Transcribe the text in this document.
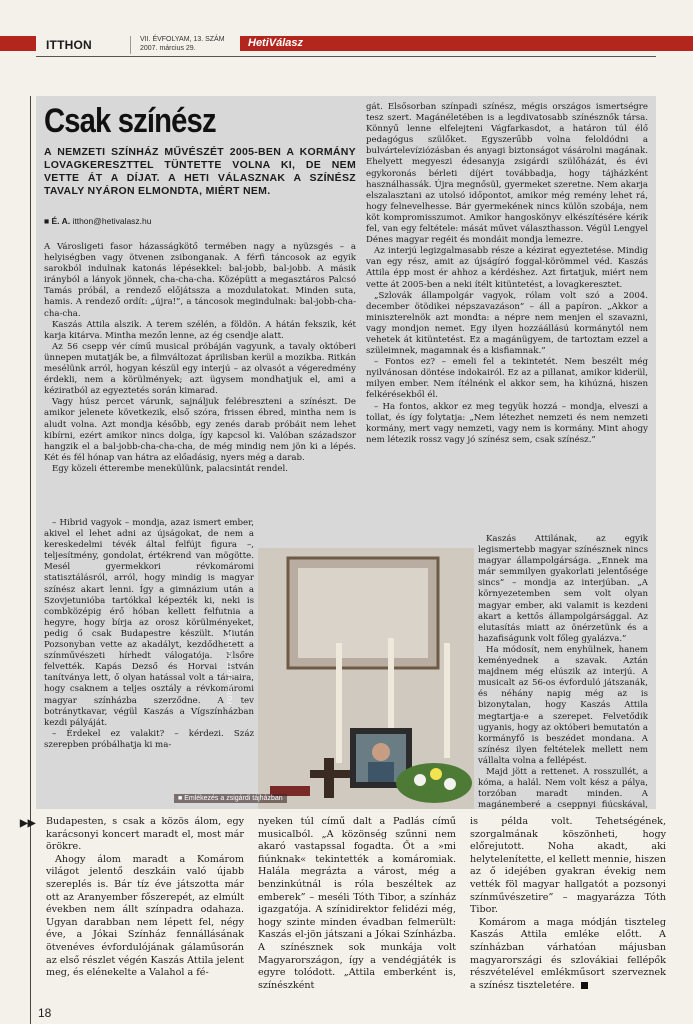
ITTHON	VII. ÉVFOLYAM, 13. SZÁM
2007. március 29.	HetiVálasz
Csak színész
A NEMZETI SZÍNHÁZ MŰVÉSZÉT 2005-BEN A KORMÁNY LOVAGKERESZTTEL TÜNTETTE VOLNA KI, DE NEM VETTE ÁT A DÍJAT. A HETI VÁLASZNAK A SZÍNÉSZ TAVALY NYÁRON ELMONDTA, MIÉRT NEM.
■ É. A. itthon@hetivalasz.hu

A Városligeti fasor házasságkötő termében nagy a nyüzsgés – a helyiségben vagy ötvenen zsibonganak. A férfi táncosok az egyik sarokból indulnak katonás lépésekkel: bal-jobb, bal-jobb. A másik irányból a lányok jönnek, cha-cha-cha. Középütt a megasztáros Palcsó Tamás próbál, a rendező előjátssza a mozdulatokat. Minden suta, hamis. A rendező ordít: „újra!”, a táncosok megindulnak: bal-jobb-cha-cha-cha.

Kaszás Attila alszik. A terem szélén, a földön. A hátán fekszik, két karja kitárva. Mintha mezőn lenne, az ég csendje alatt.

Az 56 csepp vér című musical próbáján vagyunk, a tavaly októberi ünnepen mutatják be, a filmváltozat áprilisban kerül a mozikba. Ritkán mesélünk arról, hogyan készül egy interjú – az olvasót a végeredmény érdekli, nem a körülmények; azt ügysem mondhatjuk el, ami a kéziratból az egyeztetés során kimarad.

Vagy húsz percet várunk, sajnáljuk felébreszteni a színészt. De amikor jelenete következik, első szóra, frissen ébred, mintha nem is aludt volna. Azt mondja később, egy zenés darab próbáit nem lehet kibírni, ezért amikor nincs dolga, így kapcsol ki. Valóban századszor hangzik el a bal-jobb-cha-cha-cha, de még mindig nem jön ki a lépés. Két és fél hónap van hátra az előadásig, nyers még a darab.

Egy közeli étterembe menekülünk, palacsintát rendel.

– Hibrid vagyok – mondja, azaz ismert ember, akivel el lehet adni az újságokat, de nem a kereskedelmi tévék által felfújt figura –, teljesítmény, gondolat, értékrend van mögötte. Mesél gyermekkori révkomáromi statisztálásról, arról, hogy mindig is magyar színész akart lenni. Így a gimnázium után a Szovjetunióba tartókkal képezték ki, neki is combközépig érő hóban kellett felfutnia a hegyre, hogy bírja az orosz körülményeket, pedig ő csak Budapestre készült. Miután Pozsonyban vette az akadályt, kezdődhetett a színművészeti hírhedt válogatója. Elsőre felvették. Kapás Dezső és Horvai István tanítványa lett, ő olyan hatással volt a társaira, hogy csaknem a teljes osztály a révkomáromi magyar színházba szerződne. A tev botránytkavar, végül Kaszás a Vígszínházban kezdi pályáját.

– Érdekel ez valakit? – kérdezi. Száz szerepben próbálhatja ki ma-

gát. Elsősorban színpadi színész, mégis országos ismertségre tesz szert. Magánéletében is a legdivatosabb színésznők társa. Könnyű lenne elfelejteni Vágfarkasdot, a határon túl élő pedagógus szülőket. Egyszerűbb volna feloldódni a bulvártelevíziózásban és anyagi biztonságot vásárolni magának. Ehelyett megyeszi édesanyja zsigárdi szülőházát, és évi egykoronás bérleti díjért továbbadja, hogy tájházként használhassák. Újra megnősül, gyermeket szeretne. Nem akarja elszalasztani az utolsó időpontot, amikor még remény lehet rá, hogy felnevelhesse. Bár gyermekének nincs külön szobája, nem köt kompromisszumot. Amikor hangoskönyv elkészítésére kérik fel, van egy feltétele: mását művet választhasson. Végül Lengyel Dénes magyar regéit és mondáit mondja lemezre.

Az interjú legizgalmasabb része a kézirat egyeztetése. Mindig van egy rész, amit az újságíró foggal-körömmel véd. Kaszás Attila épp most ér ahhoz a kérdéshez. Azt firtatjuk, miért nem vette át 2005-ben a neki ítélt kitüntetést, a lovagkeresztet.

„Szlovák állampolgár vagyok, rólam volt szó a 2004. december ötödikei népszavazáson” – áll a papíron. „Akkor a miniszterelnök azt mondta: a népre nem menjen el szavazni, vagy mondjon nemet. Egy ilyen hozzáállású kormánytól nem vehetek át kitüntetést. Ez a magánügyem, de tartoztam ezzel a szüleimnek, magamnak és a kisfiamnak.”

– Fontos ez? – emeli fel a tekintetét. Nem beszélt még nyilvánosan döntése indokairól. Ez az a pillanat, amikor kiderül, milyen ember. Nem ítélnénk el akkor sem, ha kihúzná, hiszen felkérésekből él.

– Ha fontos, akkor ez meg tegyük hozzá – mondja, elveszi a tollat, és így folytatja: „Nem létezhet nemzeti és nem nemzeti kormány, mert vagy nemzeti, vagy nem is kormány. Mint ahogy nem létezik rossz vagy jó színész sem, csak színész.”

Kaszás Attilának, az egyik legismertebb magyar színésznek nincs magyar állampolgársága. „Ennek ma már semmilyen gyakorlati jelentősége sincs” – mondja az interjúban. „A környezetemben sem volt olyan magyar ember, aki valamit is kezdeni akart a kettős állampolgársággal. Az elutasítás miatt az önérzetünk és a hazafiságunk volt főleg gyalázva.”

Ha módosít, nem enyhülnek, hanem keményednek a szavak. Aztán majdnem még elúszik az interjú. A musicalt az 56-os évforduló játszanák, és néhány napig még az is bizonytalan, hogy Kaszás Attila megtartja-e a szerepet. Felvetődik ugyanis, hogy az októberi bemutatón a kormányfő is beszédet mondana. A színész ilyen feltételek mellett nem vállalta volna a fellépést.

Majd jött a rettenet. A rosszullét, a kóma, a halál. Nem volt kész a pálya, torzóban maradt minden. A magánemberé a cseppnyi fiúcskával,

FOTÓ: FEKETE VIKTÓRIA
■ Emlékezés a zsigárdi tájházban
▶▶ Budapesten, s csak a közös álom, egy karácsonyi koncert maradt el, most már örökre.

Ahogy álom maradt a Komárom világot jelentő deszkáin való újabb szereplés is. Bár tíz éve játszotta már ott az Aranyember főszerepét, az elmúlt években nem állt színpadra odahaza. Ugyan darabban nem lépett fel, négy éve, a Jókai Színház fennállásának ötvenéves évfordulójának gálaműsorán az első részlet végén Kaszás Attila jelent meg, és elénekelte a Valahol a fé-

nyeken túl című dalt a Padlás című musicalból. „A közönség szűnni nem akaró vastapssal fogadta. Őt a »mi fiúnknak« tekintették a komáromiak. Halála megrázta a várost, még a benzinkútnál is róla beszéltek az emberek” – meséli Tóth Tibor, a színház igazgatója. A színidirektor felidézi még, hogy szinte minden évadban felmerült: Kaszás el-jön játszani a Jókai Színházba. A színésznek sok munkája volt Magyarországon, így a vendégjáték is egyre tolódott. „Attila emberként is, színészként

is példa volt. Tehetségének, szorgalmának köszönheti, hogy előrejutott. Noha akadt, aki helytelenítette, el kellett mennie, hiszen az ő idejében gyakran évekig nem vették föl magyar hallgatót a pozsonyi színműv‌észetire” – magyarázza Tóth Tibor.

Komárom a maga módján tiszteleg Kaszás Attila emléke előtt. A színházban várhatóan májusban magyarországi és szlovákiai fellépők részvételével emlékműsort szerveznek a színész tiszteletére.

18
